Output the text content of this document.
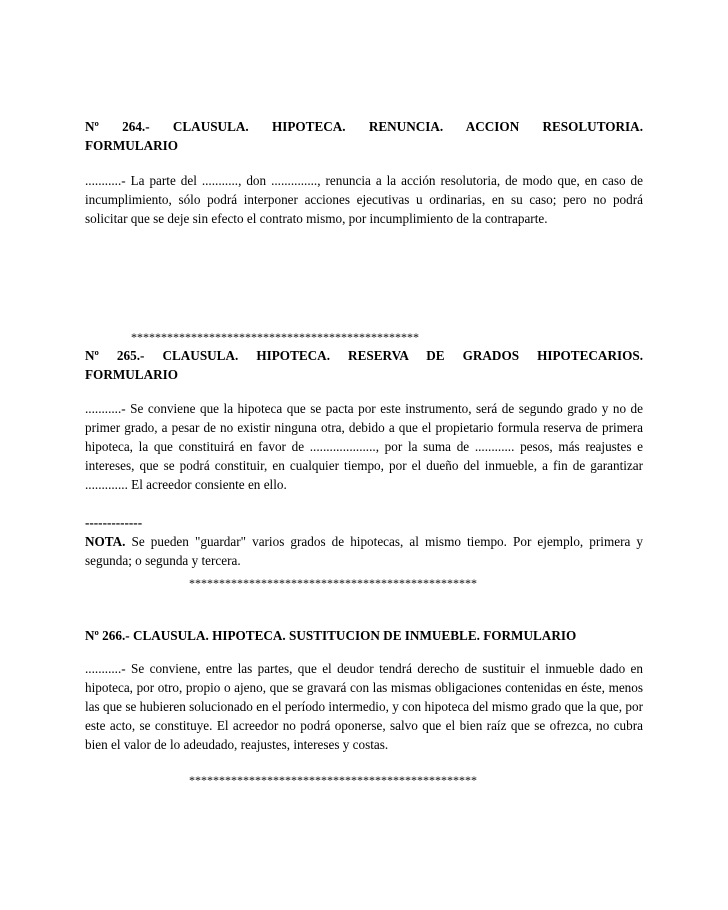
Nº 264.- CLAUSULA. HIPOTECA. RENUNCIA. ACCION RESOLUTORIA.
FORMULARIO
...........- La parte del ..........., don .............., renuncia a la acción resolutoria, de modo que, en caso de incumplimiento, sólo podrá interponer acciones ejecutivas u ordinarias, en su caso; pero no podrá solicitar que se deje sin efecto el contrato mismo, por incumplimiento de la contraparte.
************************************************
Nº 265.- CLAUSULA. HIPOTECA. RESERVA DE GRADOS HIPOTECARIOS.
FORMULARIO
...........- Se conviene que la hipoteca que se pacta por este instrumento, será de segundo grado y no de primer grado, a pesar de no existir ninguna otra, debido a que el propietario formula reserva de primera hipoteca, la que constituirá en favor de ...................., por la suma de ............ pesos, más reajustes e intereses, que se podrá constituir, en cualquier tiempo, por el dueño del inmueble, a fin de garantizar ............. El acreedor consiente en ello.
-------------
NOTA. Se pueden "guardar" varios grados de hipotecas, al mismo tiempo. Por ejemplo, primera y segunda; o segunda y tercera.
************************************************
Nº 266.- CLAUSULA. HIPOTECA. SUSTITUCION DE INMUEBLE. FORMULARIO
...........- Se conviene, entre las partes, que el deudor tendrá derecho de sustituir el inmueble dado en hipoteca, por otro, propio o ajeno, que se gravará con las mismas obligaciones contenidas en éste, menos las que se hubieren solucionado en el período intermedio, y con hipoteca del mismo grado que la que, por este acto, se constituye. El acreedor no podrá oponerse, salvo que el bien raíz que se ofrezca, no cubra bien el valor de lo adeudado, reajustes, intereses y costas.
************************************************
